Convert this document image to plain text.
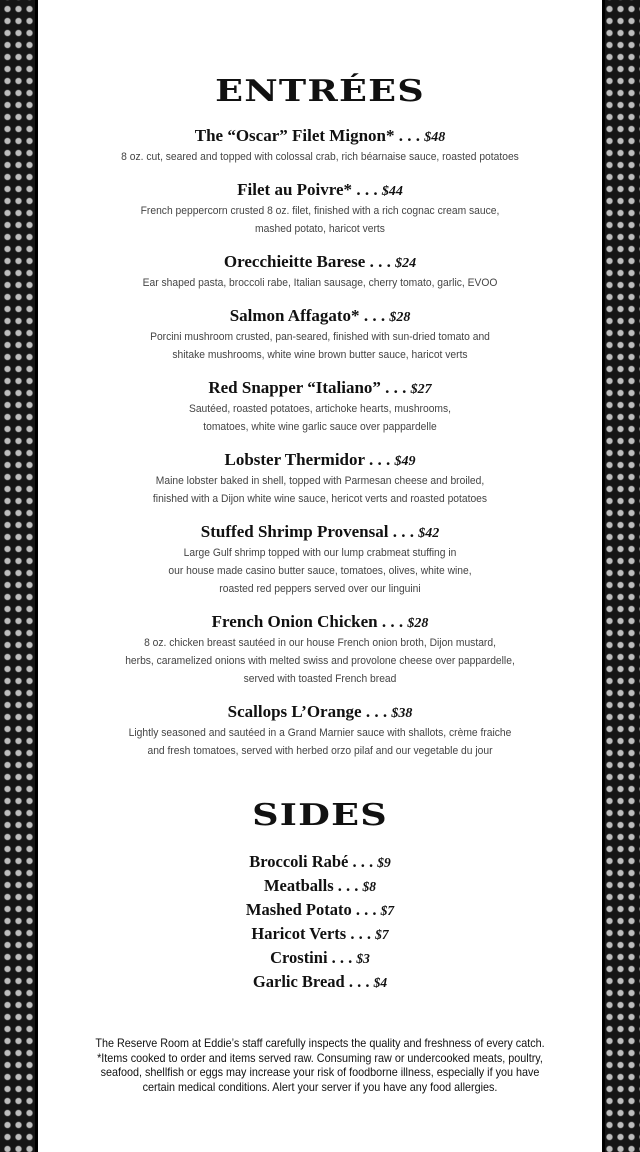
ENTRÉES

The “Oscar” Filet Mignon* . . . $48

8 oz. cut, seared and topped with colossal crab, rich béarnaise sauce, roasted potatoes

Filet au Poivre* . . . $44

French peppercorn crusted 8 oz. filet, finished with a rich cognac cream sauce,
mashed potato, haricot verts

Orecchieitte Barese . . . $24

Ear shaped pasta, broccoli rabe, Italian sausage, cherry tomato, garlic, EVOO

Salmon Affagato* . . . $28

Porcini mushroom crusted, pan-seared, finished with sun-dried tomato and
shitake mushrooms, white wine brown butter sauce, haricot verts

Red Snapper “Italiano” . . . $27

Sautéed, roasted potatoes, artichoke hearts, mushrooms,
tomatoes, white wine garlic sauce over pappardelle

Lobster Thermidor . . . $49

Maine lobster baked in shell, topped with Parmesan cheese and broiled,
finished with a Dijon white wine sauce, hericot verts and roasted potatoes

Stuffed Shrimp Provensal . . . $42

Large Gulf shrimp topped with our lump crabmeat stuffing in
our house made casino butter sauce, tomatoes, olives, white wine,
roasted red peppers served over our linguini

French Onion Chicken . . . $28

8 oz. chicken breast sautéed in our house French onion broth, Dijon mustard,
herbs, caramelized onions with melted swiss and provolone cheese over pappardelle,
served with toasted French bread

Scallops L’Orange . . . $38

Lightly seasoned and sautéed in a Grand Marnier sauce with shallots, crème fraiche
and fresh tomatoes, served with herbed orzo pilaf and our vegetable du jour

SIDES

Broccoli Rabé . . . $9

Meatballs . . . $8

Mashed Potato . . . $7

Haricot Verts . . . $7

Crostini . . . $3

Garlic Bread . . . $4

The Reserve Room at Eddie’s staff carefully inspects the quality and freshness of every catch.
*Items cooked to order and items served raw. Consuming raw or undercooked meats, poultry,
seafood, shellfish or eggs may increase your risk of foodborne illness, especially if you have
certain medical conditions. Alert your server if you have any food allergies.
